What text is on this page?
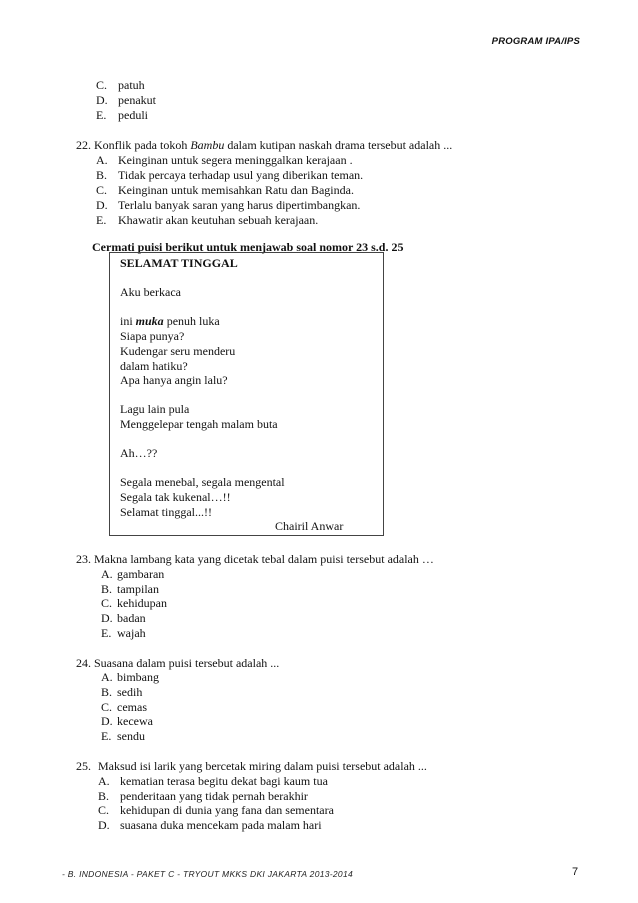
PROGRAM IPA/IPS
C. patuh
D. penakut
E. peduli
22. Konflik pada tokoh Bambu dalam kutipan naskah drama tersebut adalah ...
A. Keinginan untuk segera meninggalkan kerajaan .
B. Tidak percaya terhadap usul yang diberikan teman.
C. Keinginan untuk memisahkan Ratu dan Baginda.
D. Terlalu banyak saran yang harus dipertimbangkan.
E. Khawatir akan keutuhan sebuah kerajaan.
Cermati puisi berikut untuk menjawab soal nomor 23 s.d. 25
SELAMAT TINGGAL
Aku berkaca
ini muka penuh luka
Siapa punya?
Kudengar seru menderu
dalam hatiku?
Apa hanya angin lalu?
Lagu lain pula
Menggelepar tengah malam buta
Ah…??
Segala menebal, segala mengental
Segala tak kukenal…!!
Selamat tinggal...!!
Chairil Anwar
23. Makna lambang kata yang dicetak tebal dalam puisi tersebut adalah …
A. gambaran
B. tampilan
C. kehidupan
D. badan
E. wajah
24. Suasana dalam puisi tersebut adalah ...
A. bimbang
B. sedih
C. cemas
D. kecewa
E. sendu
25. Maksud isi larik yang bercetak miring dalam puisi tersebut adalah ...
A. kematian terasa begitu dekat bagi kaum tua
B. penderitaan yang tidak pernah berakhir
C. kehidupan di dunia yang fana dan sementara
D. suasana duka mencekam pada malam hari
- B. INDONESIA - PAKET C - TRYOUT MKKS DKI JAKARTA 2013-2014	7
